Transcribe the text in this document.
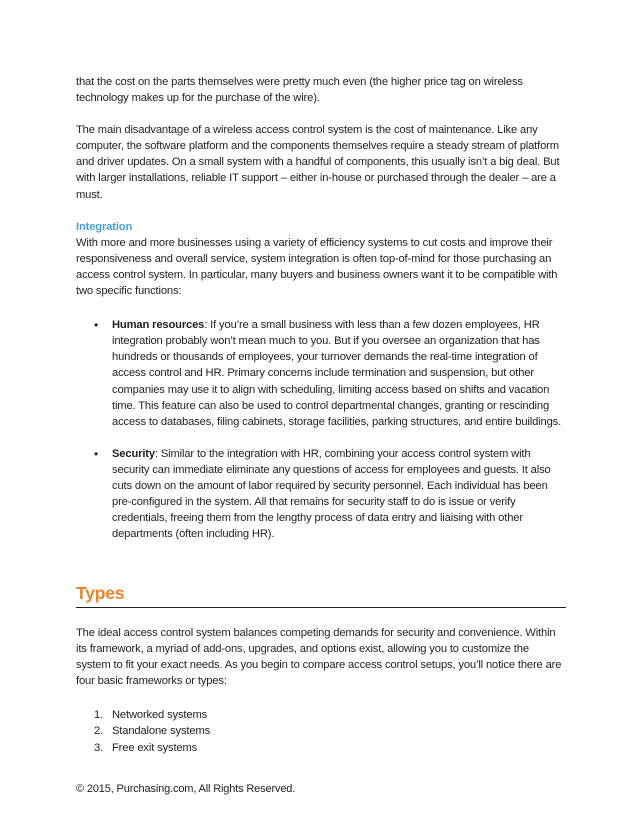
that the cost on the parts themselves were pretty much even (the higher price tag on wireless technology makes up for the purchase of the wire).

The main disadvantage of a wireless access control system is the cost of maintenance. Like any computer, the software platform and the components themselves require a steady stream of platform and driver updates. On a small system with a handful of components, this usually isn’t a big deal. But with larger installations, reliable IT support – either in-house or purchased through the dealer – are a must.

Integration

With more and more businesses using a variety of efficiency systems to cut costs and improve their responsiveness and overall service, system integration is often top-of-mind for those purchasing an access control system. In particular, many buyers and business owners want it to be compatible with two specific functions:

• Human resources: If you’re a small business with less than a few dozen employees, HR integration probably won’t mean much to you. But if you oversee an organization that has hundreds or thousands of employees, your turnover demands the real-time integration of access control and HR. Primary concerns include termination and suspension, but other companies may use it to align with scheduling, limiting access based on shifts and vacation time. This feature can also be used to control departmental changes, granting or rescinding access to databases, filing cabinets, storage facilities, parking structures, and entire buildings.
• Security: Similar to the integration with HR, combining your access control system with security can immediate eliminate any questions of access for employees and guests. It also cuts down on the amount of labor required by security personnel. Each individual has been pre-configured in the system. All that remains for security staff to do is issue or verify credentials, freeing them from the lengthy process of data entry and liaising with other departments (often including HR).
Types

The ideal access control system balances competing demands for security and convenience. Within its framework, a myriad of add-ons, upgrades, and options exist, allowing you to customize the system to fit your exact needs. As you begin to compare access control setups, you’ll notice there are four basic frameworks or types:

1. Networked systems
2. Standalone systems
3. Free exit systems
© 2015, Purchasing.com, All Rights Reserved.
